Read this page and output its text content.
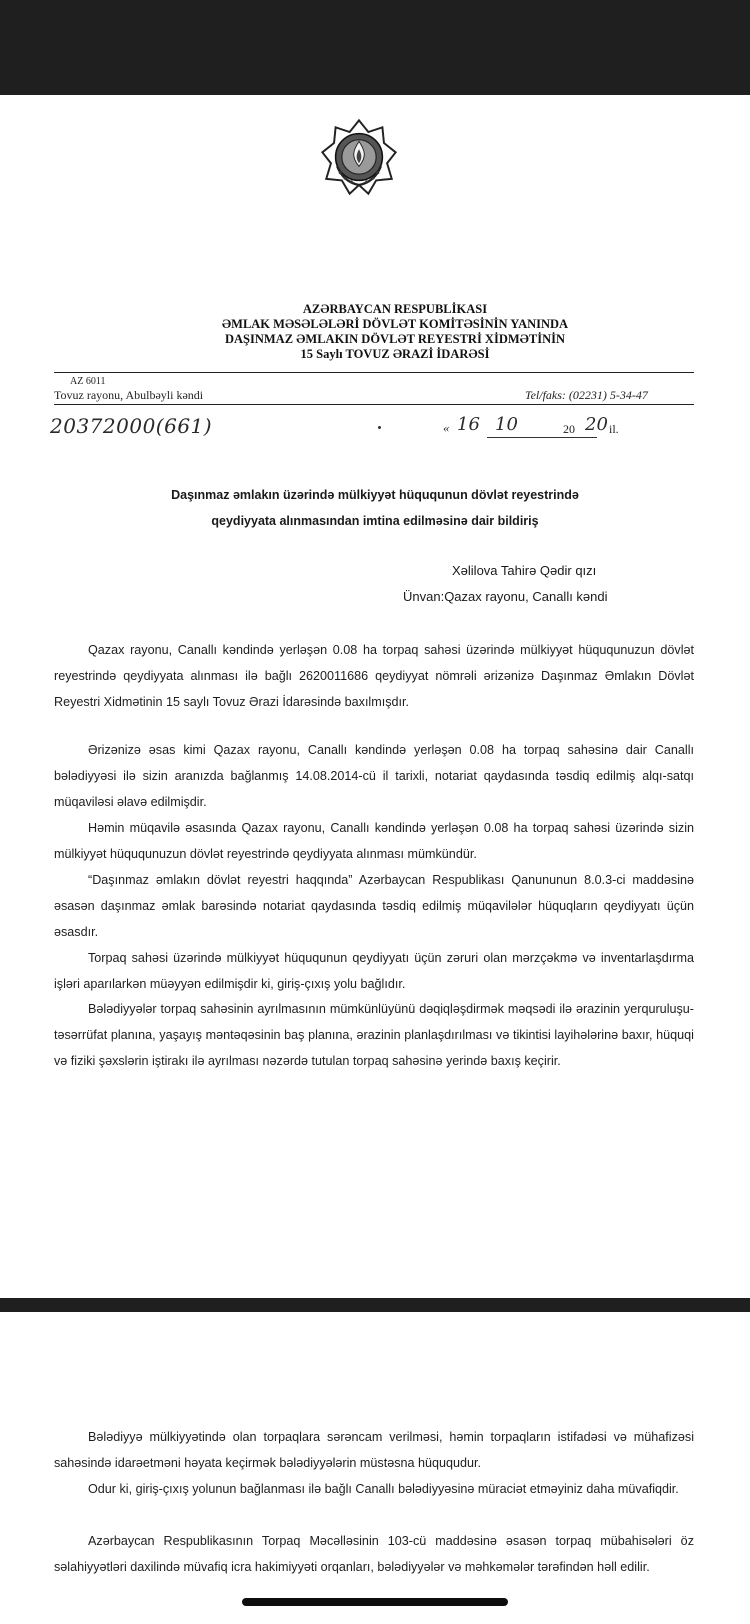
AZƏRBAYCAN RESPUBLİKASI
ƏMLAK MƏSƏLƏLƏRİ DÖVLƏT KOMİTƏSİNİN YANINDA
DAŞINMAZ ƏMLAKIN DÖVLƏT REYESTRİ XİDMƏTİNİN
15 Saylı TOVUZ ƏRAZİ İDARƏSİ
AZ 6011
Tovuz rayonu, Abulbəyli kəndi	Tel/faks: (02231) 5-34-47
20372000(661)	« 16 10	20 20 il.
Daşınmaz əmlakın üzərində mülkiyyət hüququnun dövlət reyestrində
qeydiyyata alınmasından imtina edilməsinə dair bildiriş
Xəlilova Tahirə Qədir qızı
Ünvan:Qazax rayonu, Canallı kəndi

Qazax rayonu, Canallı kəndində yerləşən 0.08 ha torpaq sahəsi üzərində mülkiyyət hüququnuzun dövlət reyestrində qeydiyyata alınması ilə bağlı 2620011686 qeydiyyat nömrəli ərizənizə Daşınmaz Əmlakın Dövlət Reyestri Xidmətinin 15 saylı Tovuz Ərazi İdarəsində baxılmışdır.

Ərizənizə əsas kimi Qazax rayonu, Canallı kəndində yerləşən 0.08 ha torpaq sahəsinə dair Canallı bələdiyyəsi ilə sizin aranızda bağlanmış 14.08.2014-cü il tarixli, notariat qaydasında təsdiq edilmiş alqı-satqı müqaviləsi əlavə edilmişdir.

Həmin müqavilə əsasında Qazax rayonu, Canallı kəndində yerləşən 0.08 ha torpaq sahəsi üzərində sizin mülkiyyət hüququnuzun dövlət reyestrində qeydiyyata alınması mümkündür.

“Daşınmaz əmlakın dövlət reyestri haqqında” Azərbaycan Respublikası Qanununun 8.0.3-ci maddəsinə əsasən daşınmaz əmlak barəsində notariat qaydasında təsdiq edilmiş müqavilələr hüquqların qeydiyyatı üçün əsasdır.

Torpaq sahəsi üzərində mülkiyyət hüququnun qeydiyyatı üçün zəruri olan mərzçəkmə və inventarlaşdırma işləri aparılarkən müəyyən edilmişdir ki, giriş-çıxış yolu bağlıdır.

Bələdiyyələr torpaq sahəsinin ayrılmasının mümkünlüyünü dəqiqləşdirmək məqsədi ilə ərazinin yerquruluşu-təsərrüfat planına, yaşayış məntəqəsinin baş planına, ərazinin planlaşdırılması və tikintisi layihələrinə baxır, hüquqi və fiziki şəxslərin iştirakı ilə ayrılması nəzərdə tutulan torpaq sahəsinə yerində baxış keçirir.

Bələdiyyə mülkiyyətində olan torpaqlara sərəncam verilməsi, həmin torpaqların istifadəsi və mühafizəsi sahəsində idarəetməni həyata keçirmək bələdiyyələrin müstəsna hüququdur.

Odur ki, giriş-çıxış yolunun bağlanması ilə bağlı Canallı bələdiyyəsinə müraciət etməyiniz daha müvafiqdir.

Azərbaycan Respublikasının Torpaq Məcəlləsinin 103-cü maddəsinə əsasən torpaq mübahisələri öz səlahiyyətləri daxilində müvafiq icra hakimiyyəti orqanları, bələdiyyələr və məhkəmələr tərəfindən həll edilir.
